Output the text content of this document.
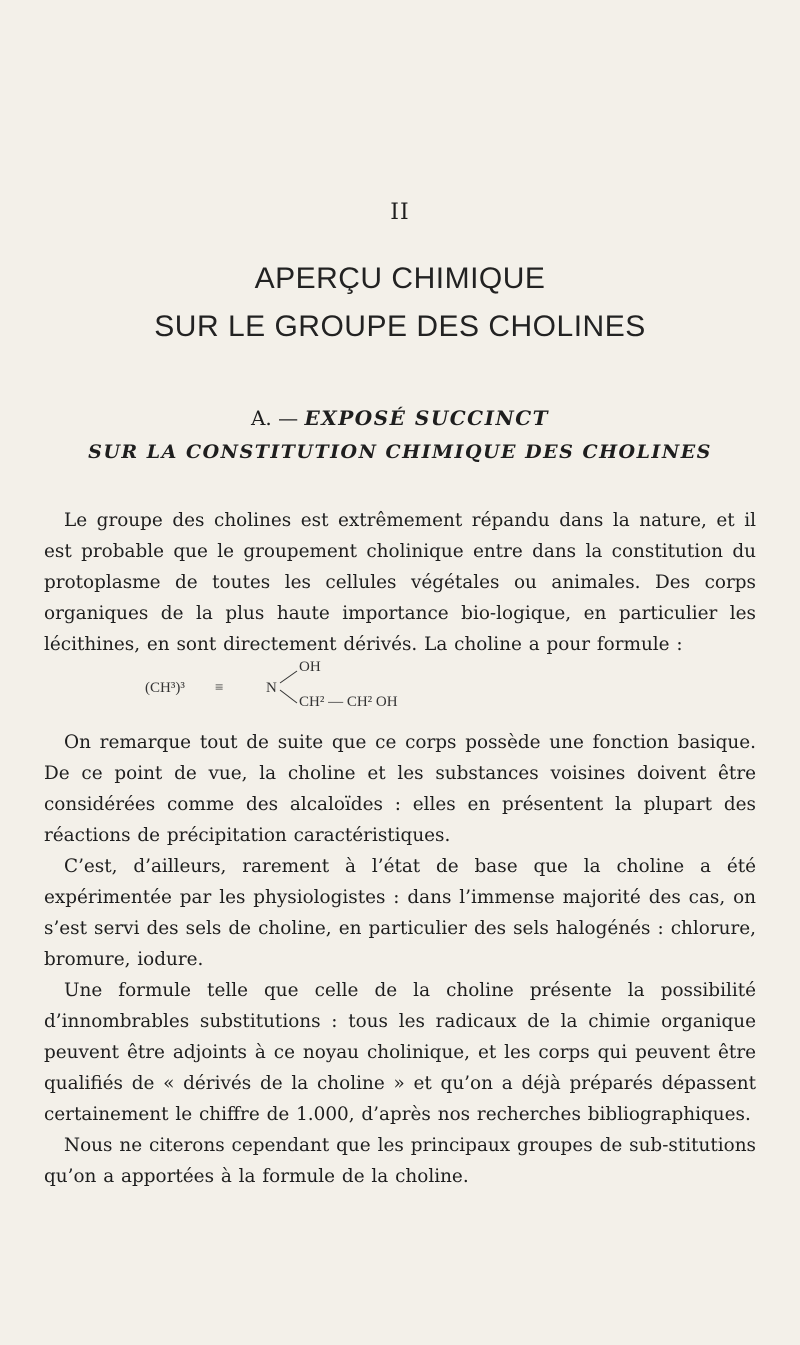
II
APERÇU CHIMIQUE
SUR LE GROUPE DES CHOLINES
A. — EXPOSÉ SUCCINCT
SUR LA CONSTITUTION CHIMIQUE DES CHOLINES

Le groupe des cholines est extrêmement répandu dans la nature, et il est probable que le groupement cholinique entre dans la constitution du protoplasme de toutes les cellules végétales ou animales. Des corps organiques de la plus haute importance bio-logique, en particulier les lécithines, en sont directement dérivés. La choline a pour formule :

(CH³)³ ≡	N
OH
CH² — CH² OH

On remarque tout de suite que ce corps possède une fonction basique. De ce point de vue, la choline et les substances voisines doivent être considérées comme des alcaloïdes : elles en présentent la plupart des réactions de précipitation caractéristiques.

C’est, d’ailleurs, rarement à l’état de base que la choline a été expérimentée par les physiologistes : dans l’immense majorité des cas, on s’est servi des sels de choline, en particulier des sels halogénés : chlorure, bromure, iodure.

Une formule telle que celle de la choline présente la possibilité d’innombrables substitutions : tous les radicaux de la chimie organique peuvent être adjoints à ce noyau cholinique, et les corps qui peuvent être qualifiés de « dérivés de la choline » et qu’on a déjà préparés dépassent certainement le chiffre de 1.000, d’après nos recherches bibliographiques.

Nous ne citerons cependant que les principaux groupes de sub-stitutions qu’on a apportées à la formule de la choline.
